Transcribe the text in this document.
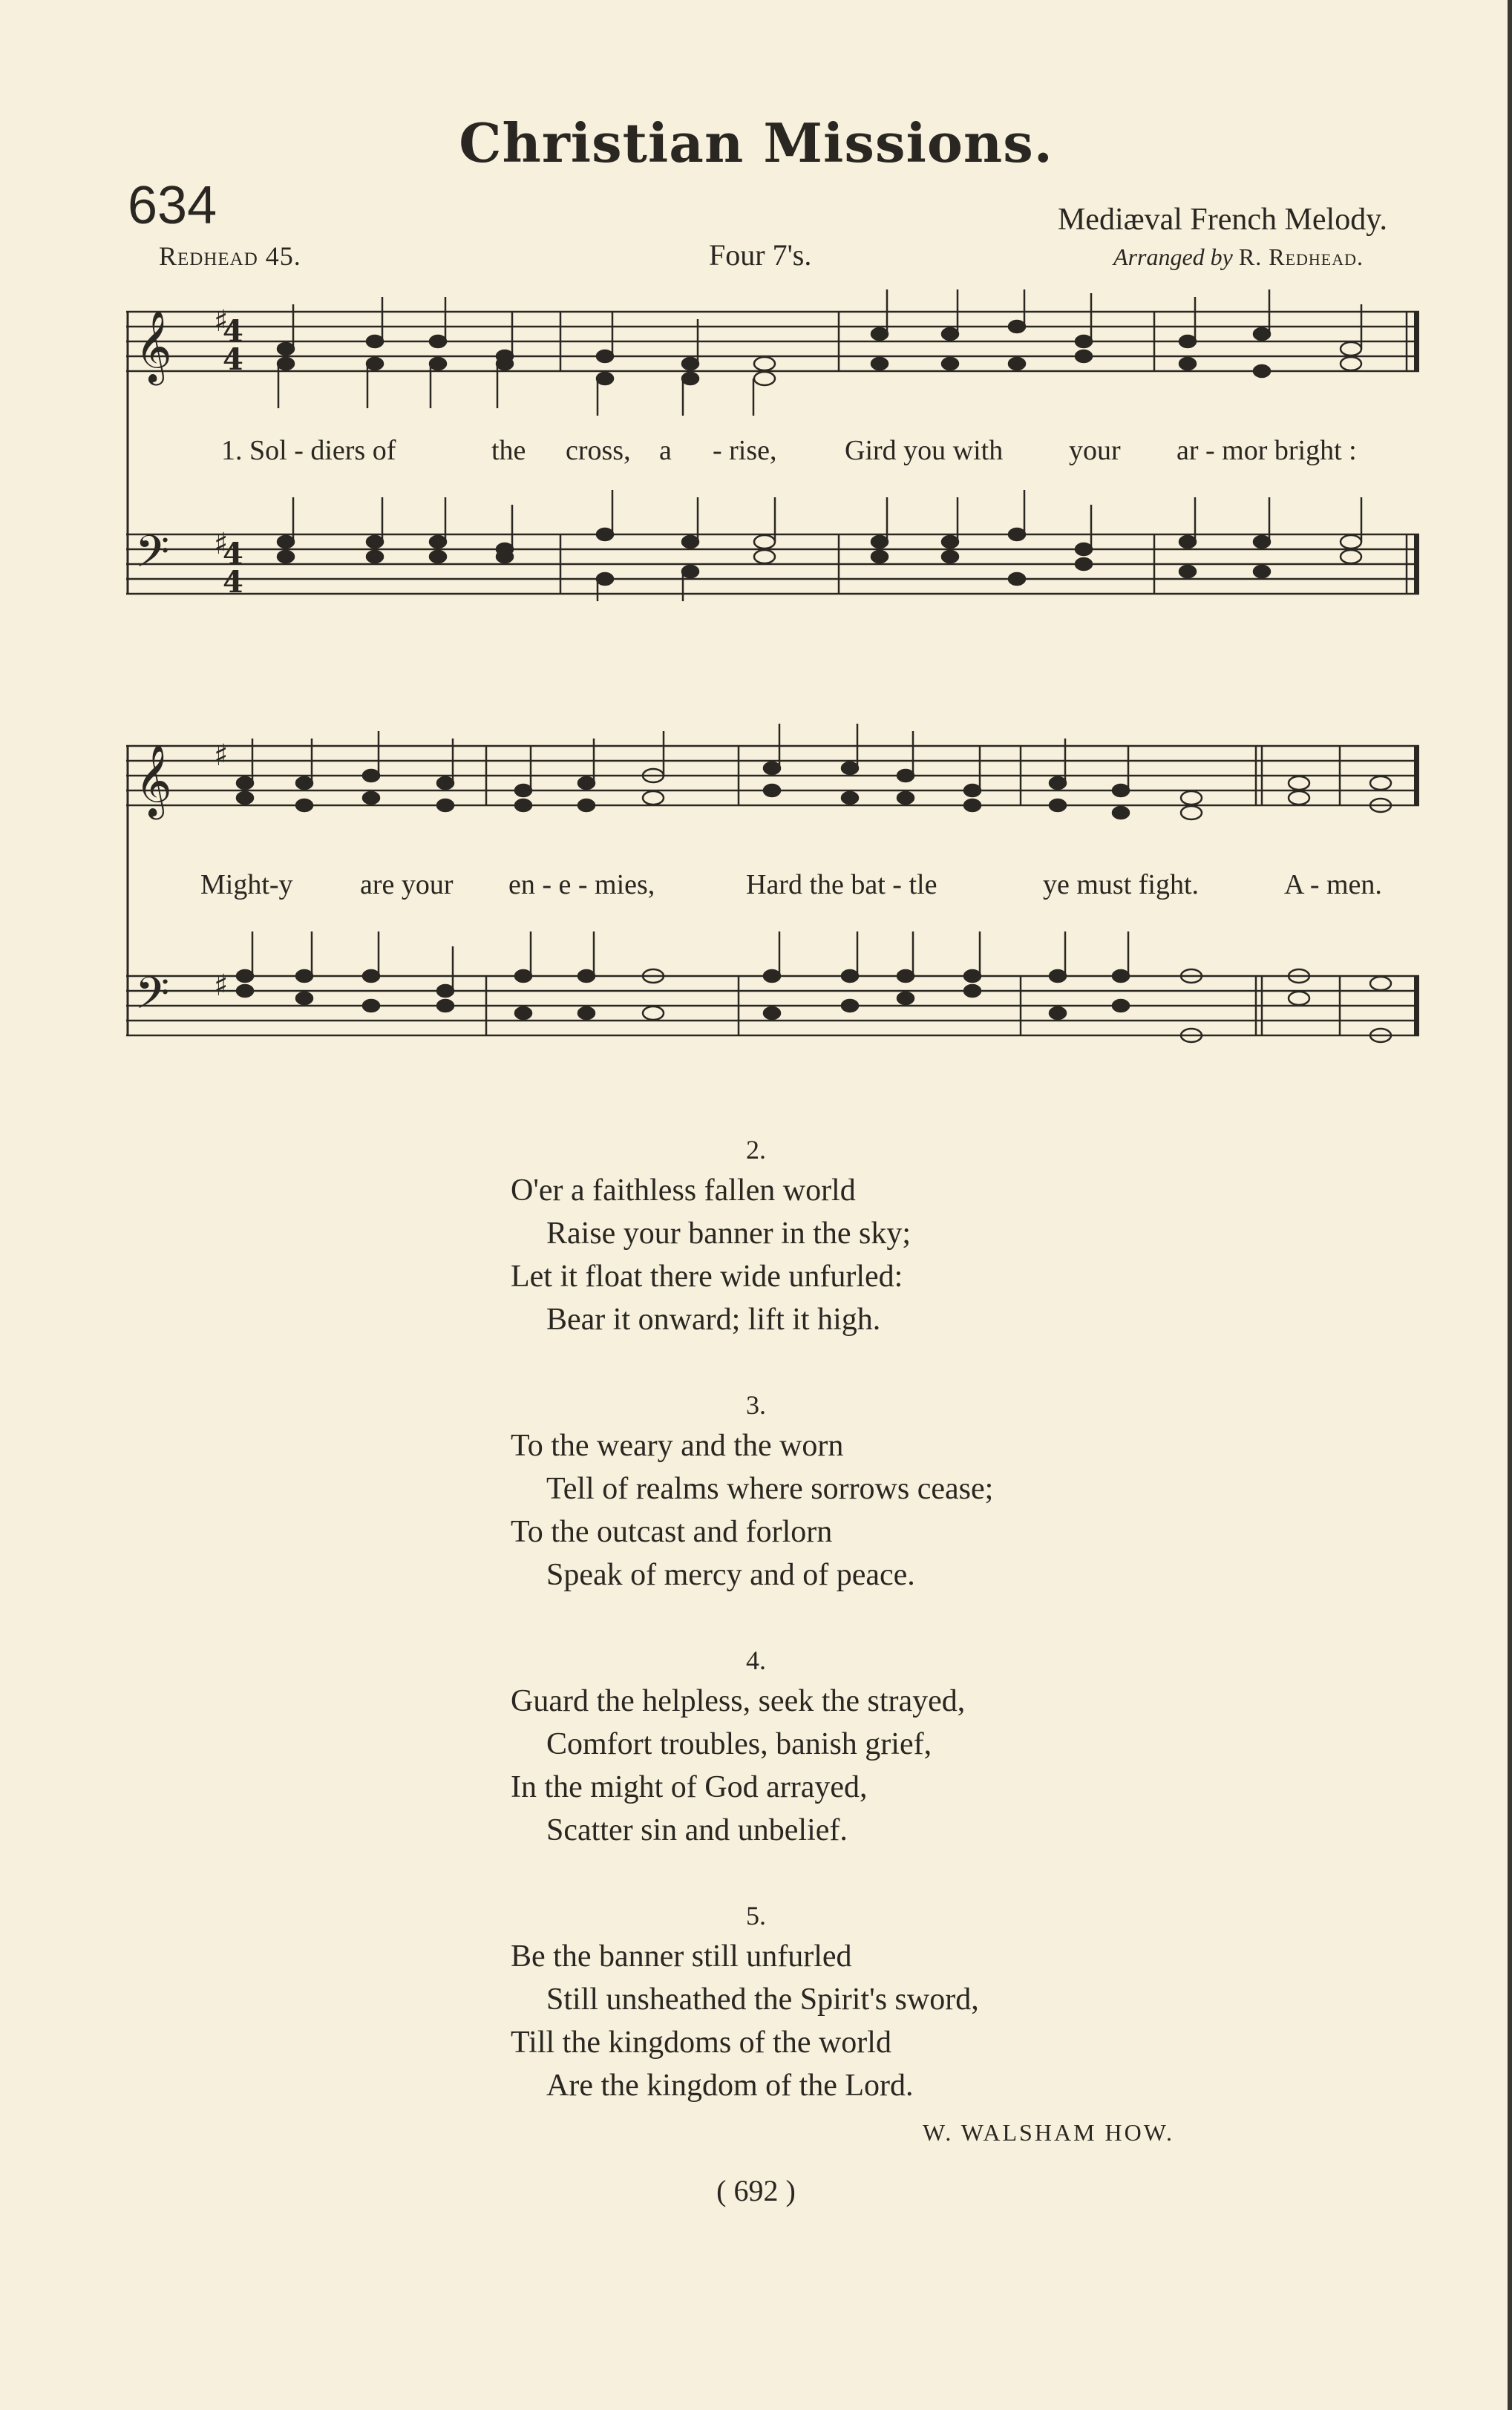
Christian Missions.
634	Mediæval French Melody.
Redhead 45.	Four 7's.	Arranged by R. Redhead.
𝄞
𝄢
♯
♯
4
4
4
4
1. Sol - diers of	the cross, a - rise, Gird you with your ar - mor bright :
𝄞
𝄢
♯
♯
Might-y are your en - e - mies,	Hard the bat - tle	ye must fight.	A - men.
2.
O'er a faithless fallen world
Raise your banner in the sky;
Let it float there wide unfurled:
Bear it onward; lift it high.
3.
To the weary and the worn
Tell of realms where sorrows cease;
To the outcast and forlorn
Speak of mercy and of peace.
4.
Guard the helpless, seek the strayed,
Comfort troubles, banish grief,
In the might of God arrayed,
Scatter sin and unbelief.
5.
Be the banner still unfurled
Still unsheathed the Spirit's sword,
Till the kingdoms of the world
Are the kingdom of the Lord.
W. WALSHAM HOW.
( 692 )
